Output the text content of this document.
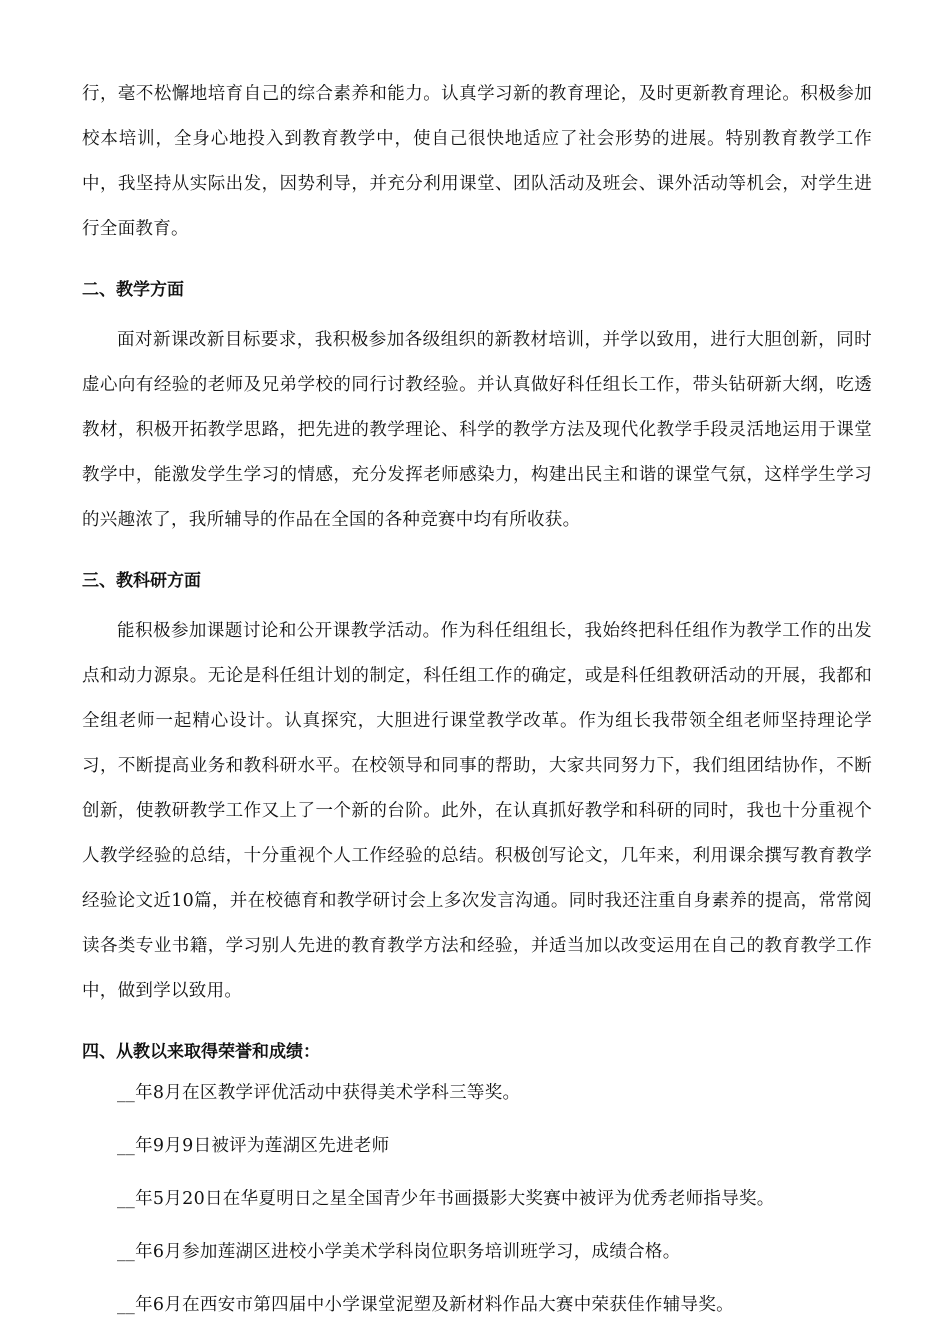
行，毫不松懈地培育自己的综合素养和能力。认真学习新的教育理论，及时更新教育理论。积极参加校本培训，全身心地投入到教育教学中，使自己很快地适应了社会形势的进展。特别教育教学工作中，我坚持从实际出发，因势利导，并充分利用课堂、团队活动及班会、课外活动等机会，对学生进行全面教育。

二、教学方面

面对新课改新目标要求，我积极参加各级组织的新教材培训，并学以致用，进行大胆创新，同时虚心向有经验的老师及兄弟学校的同行讨教经验。并认真做好科任组长工作，带头钻研新大纲，吃透教材，积极开拓教学思路，把先进的教学理论、科学的教学方法及现代化教学手段灵活地运用于课堂教学中，能激发学生学习的情感，充分发挥老师感染力，构建出民主和谐的课堂气氛，这样学生学习的兴趣浓了，我所辅导的作品在全国的各种竞赛中均有所收获。

三、教科研方面

能积极参加课题讨论和公开课教学活动。作为科任组组长，我始终把科任组作为教学工作的出发点和动力源泉。无论是科任组计划的制定，科任组工作的确定，或是科任组教研活动的开展，我都和全组老师一起精心设计。认真探究，大胆进行课堂教学改革。作为组长我带领全组老师坚持理论学习，不断提高业务和教科研水平。在校领导和同事的帮助，大家共同努力下，我们组团结协作，不断创新，使教研教学工作又上了一个新的台阶。此外，在认真抓好教学和科研的同时，我也十分重视个人教学经验的总结，十分重视个人工作经验的总结。积极创写论文，几年来，利用课余撰写教育教学经验论文近10篇，并在校德育和教学研讨会上多次发言沟通。同时我还注重自身素养的提高，常常阅读各类专业书籍，学习别人先进的教育教学方法和经验，并适当加以改变运用在自己的教育教学工作中，做到学以致用。

四、从教以来取得荣誉和成绩：

__年8月在区教学评优活动中获得美术学科三等奖。

__年9月9日被评为莲湖区先进老师

__年5月20日在华夏明日之星全国青少年书画摄影大奖赛中被评为优秀老师指导奖。

__年6月参加莲湖区进校小学美术学科岗位职务培训班学习，成绩合格。

__年6月在西安市第四届中小学课堂泥塑及新材料作品大赛中荣获佳作辅导奖。
